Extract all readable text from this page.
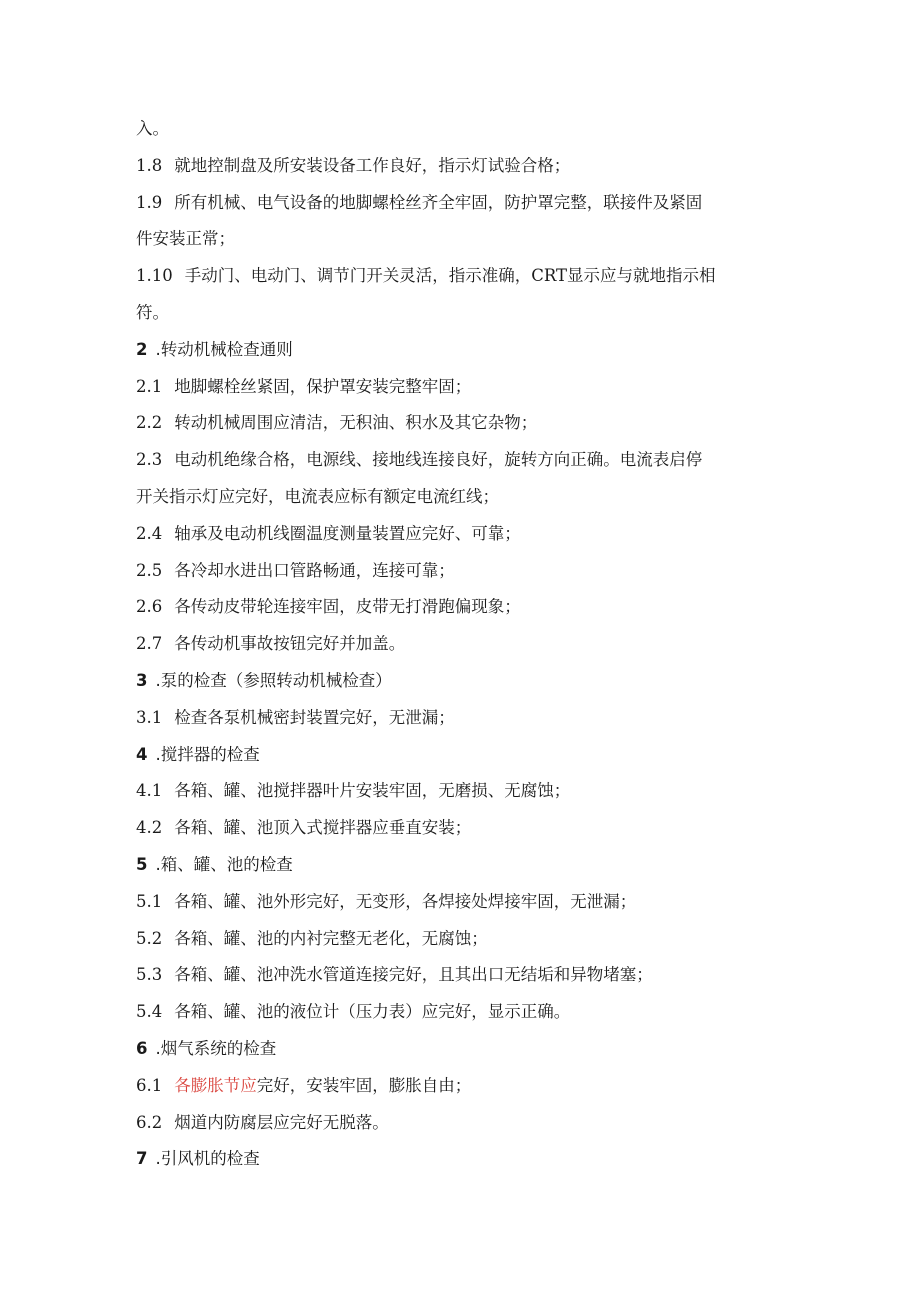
入。
1.8 就地控制盘及所安装设备工作良好，指示灯试验合格；
1.9 所有机械、电气设备的地脚螺栓丝齐全牢固，防护罩完整，联接件及紧固
件安装正常；
1.10 手动门、电动门、调节门开关灵活，指示准确，CRT显示应与就地指示相
符。
2 .转动机械检查通则
2.1 地脚螺栓丝紧固，保护罩安装完整牢固；
2.2 转动机械周围应清洁，无积油、积水及其它杂物；
2.3 电动机绝缘合格，电源线、接地线连接良好，旋转方向正确。电流表启停
开关指示灯应完好，电流表应标有额定电流红线；
2.4 轴承及电动机线圈温度测量装置应完好、可靠；
2.5 各冷却水进出口管路畅通，连接可靠；
2.6 各传动皮带轮连接牢固，皮带无打滑跑偏现象；
2.7 各传动机事故按钮完好并加盖。
3 .泵的检查（参照转动机械检查）
3.1 检查各泵机械密封装置完好，无泄漏；
4 .搅拌器的检查
4.1 各箱、罐、池搅拌器叶片安装牢固，无磨损、无腐蚀；
4.2 各箱、罐、池顶入式搅拌器应垂直安装；
5 .箱、罐、池的检查
5.1 各箱、罐、池外形完好，无变形，各焊接处焊接牢固，无泄漏；
5.2 各箱、罐、池的内衬完整无老化，无腐蚀；
5.3 各箱、罐、池冲洗水管道连接完好，且其出口无结垢和异物堵塞；
5.4 各箱、罐、池的液位计（压力表）应完好，显示正确。
6 .烟气系统的检查
6.1 各膨胀节应完好，安装牢固，膨胀自由；
6.2 烟道内防腐层应完好无脱落。
7 .引风机的检查
